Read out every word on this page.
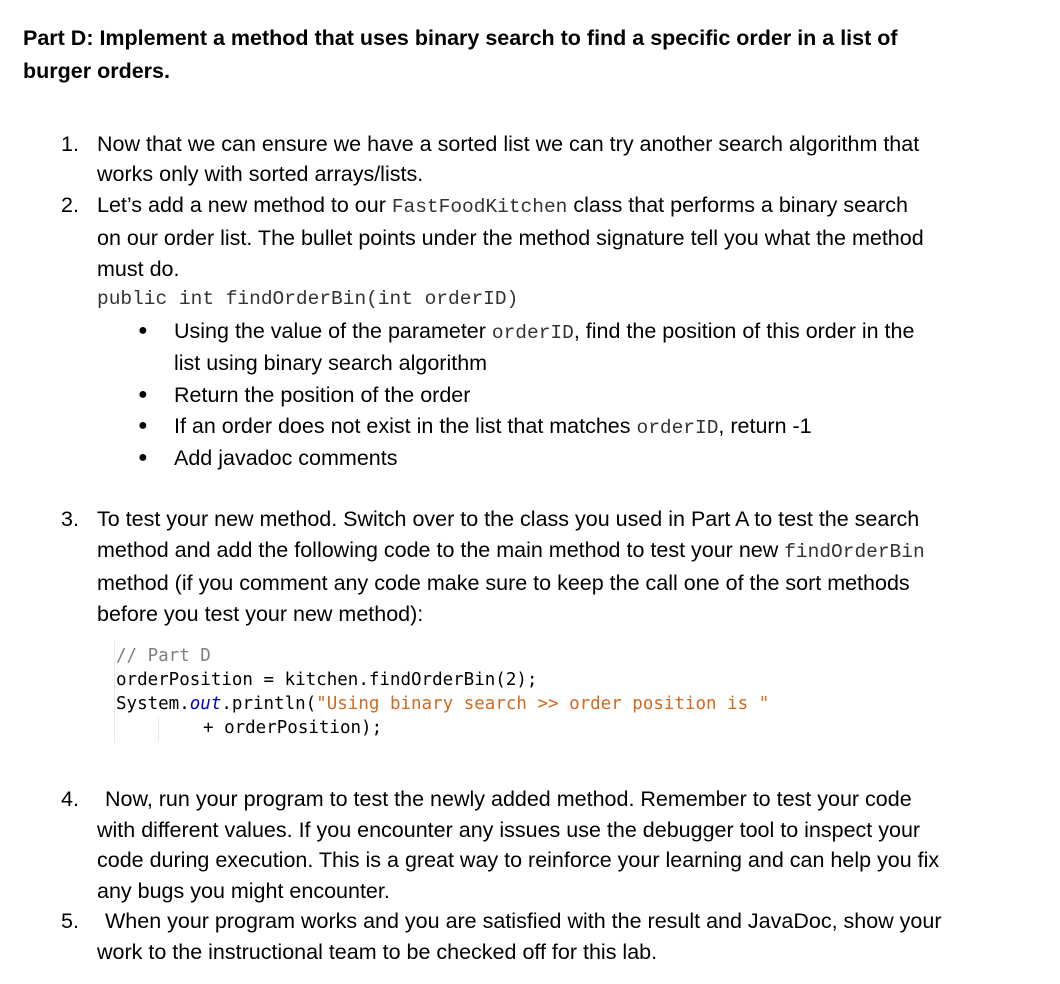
Part D: Implement a method that uses binary search to find a specific order in a list of
burger orders.
1. Now that we can ensure we have a sorted list we can try another search algorithm that
works only with sorted arrays/lists.
2. Let’s add a new method to our FastFoodKitchen class that performs a binary search
on our order list. The bullet points under the method signature tell you what the method
must do.
public int findOrderBin(int orderID)
● Using the value of the parameter orderID, find the position of this order in the
list using binary search algorithm
● Return the position of the order
● If an order does not exist in the list that matches orderID, return -1
● Add javadoc comments
3. To test your new method. Switch over to the class you used in Part A to test the search
method and add the following code to the main method to test your new findOrderBin
method (if you comment any code make sure to keep the call one of the sort methods
before you test your new method):
// Part D
orderPosition = kitchen.findOrderBin(2);
System.out.println("Using binary search >> order position is "
+ orderPosition);
4. Now, run your program to test the newly added method. Remember to test your code
with different values. If you encounter any issues use the debugger tool to inspect your
code during execution. This is a great way to reinforce your learning and can help you fix
any bugs you might encounter.
5. When your program works and you are satisfied with the result and JavaDoc, show your
work to the instructional team to be checked off for this lab.
